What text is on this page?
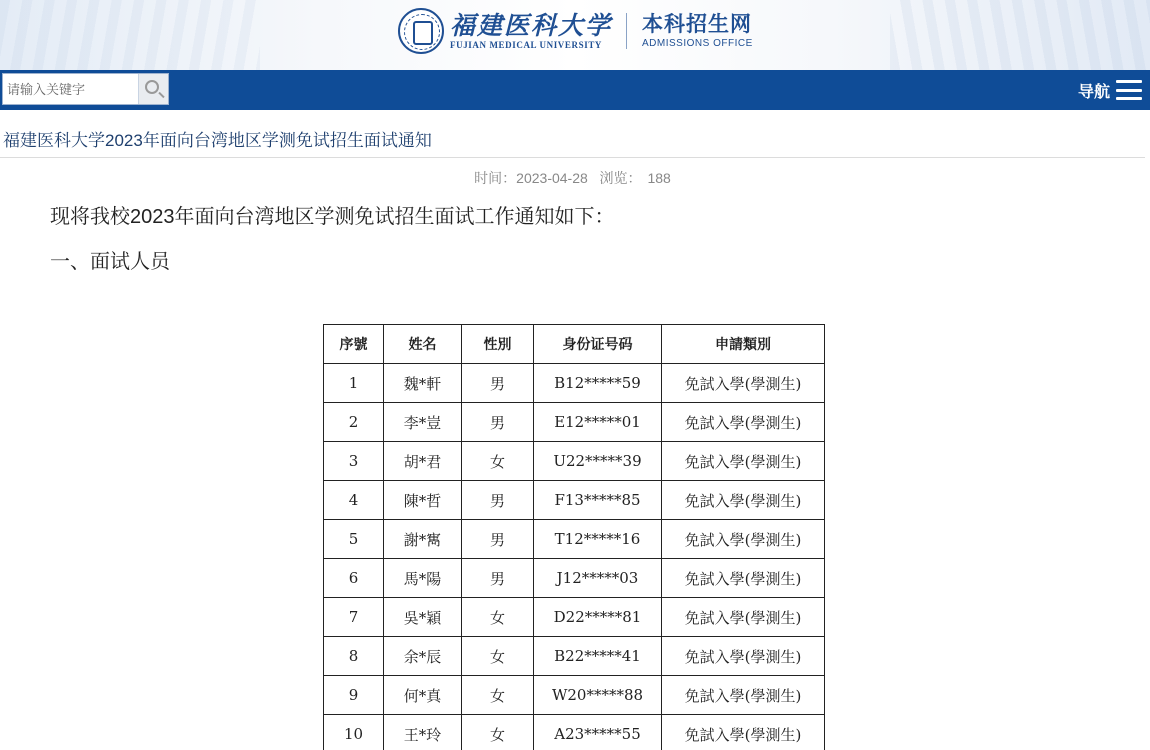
福建医科大学
FUJIAN MEDICAL UNIVERSITY
本科招生网
ADMISSIONS OFFICE
请输入关键字
导航
福建医科大学2023年面向台湾地区学测免试招生面试通知
时间：2023-04-28 浏览： 188

现将我校2023年面向台湾地区学测免试招生面试工作通知如下：

一、面试人员

序號	姓名	性別	身份证号码	申請類別
1	魏*軒	男	B12*****59	免試入學(學測生)
2	李*豈	男	E12*****01	免試入學(學測生)
3	胡*君	女	U22*****39	免試入學(學測生)
4	陳*哲	男	F13*****85	免試入學(學測生)
5	謝*寯	男	T12*****16	免試入學(學測生)
6	馬*陽	男	J12*****03	免試入學(學測生)
7	吳*穎	女	D22*****81	免試入學(學測生)
8	余*辰	女	B22*****41	免試入學(學測生)
9	何*真	女	W20*****88	免試入學(學測生)
10	王*玲	女	A23*****55	免試入學(學測生)
